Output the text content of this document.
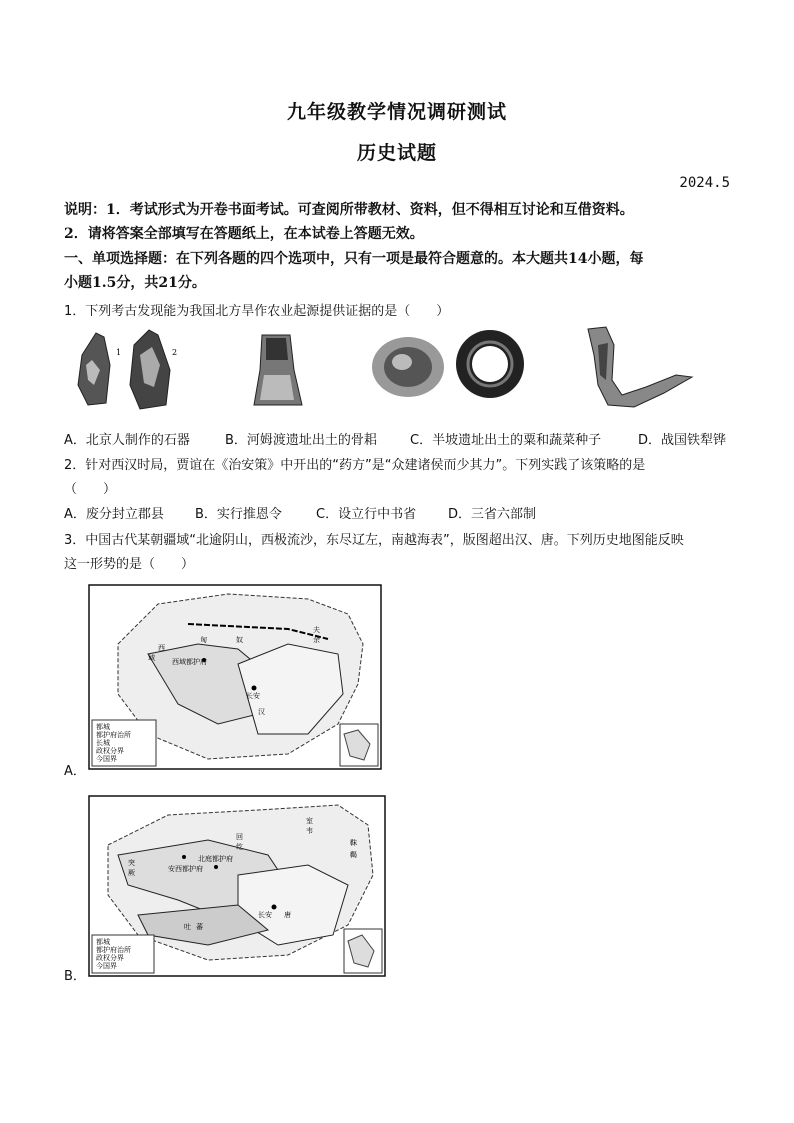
九年级教学情况调研测试
历史试题
2024.5
说明：1．考试形式为开卷书面考试。可查阅所带教材、资料，但不得相互讨论和互借资料。
2．请将答案全部填写在答题纸上，在本试卷上答题无效。
一、单项选择题：在下列各题的四个选项中，只有一项是最符合题意的。本大题共14小题，每
小题1.5分，共21分。
1．下列考古发现能为我国北方旱作农业起源提供证据的是（　　）
1	2
A．北京人制作的石器	B．河姆渡遗址出土的骨耜	C．半坡遗址出土的粟和蔬菜种子	D．战国铁犁铧
2．针对西汉时局，贾谊在《治安策》中开出的“药方”是“众建诸侯而少其力”。下列实践了该策略的是
（　　）
A．废分封立郡县 B．实行推恩令	C．设立行中书省 D．三省六部制
3．中国古代某朝疆域“北逾阴山，西极流沙，东尽辽左，南越海表”，版图超出汉、唐。下列历史地图能反映
这一形势的是（　　）
匈	奴
西
域 西域都护府
长安
汉
夫
余
都城
都护府治所
长城
政权分界
今国界
A．
室
韦
靺
鞨
回
纥
突
厥	安西都护府
北庭都护府
长安 唐
吐 蕃
都城
都护府治所
政权分界
今国界
B．
